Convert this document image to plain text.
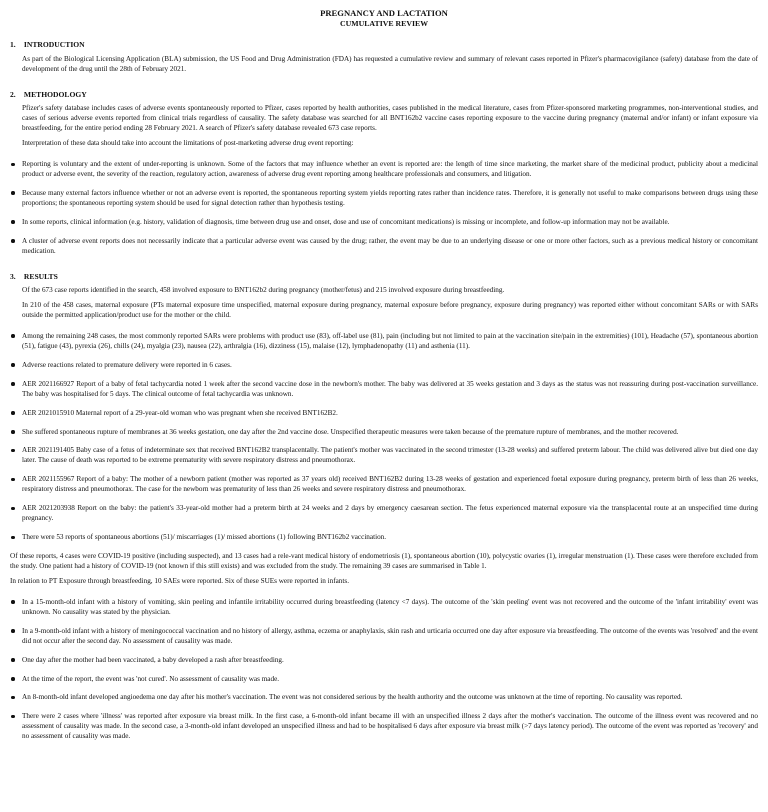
PREGNANCY AND LACTATION
CUMULATIVE REVIEW
1. INTRODUCTION

As part of the Biological Licensing Application (BLA) submission, the US Food and Drug Administration (FDA) has requested a cumulative review and summary of relevant cases reported in Pfizer's pharmacovigilance (safety) database from the date of development of the drug until the 28th of February 2021.

2. METHODOLOGY

Pfizer's safety database includes cases of adverse events spontaneously reported to Pfizer, cases reported by health authorities, cases published in the medical literature, cases from Pfizer-sponsored marketing programmes, non-interventional studies, and cases of serious adverse events reported from clinical trials regardless of causality. The safety database was searched for all BNT162b2 vaccine cases reporting exposure to the vaccine during pregnancy (maternal and/or infant) or infant exposure via breastfeeding, for the entire period ending 28 February 2021. A search of Pfizer's safety database revealed 673 case reports.

Interpretation of these data should take into account the limitations of post-marketing adverse drug event reporting:

Reporting is voluntary and the extent of under-reporting is unknown. Some of the factors that may influence whether an event is reported are: the length of time since marketing, the market share of the medicinal product, publicity about a medicinal product or adverse event, the severity of the reaction, regulatory action, awareness of adverse drug event reporting among healthcare professionals and consumers, and litigation.
Because many external factors influence whether or not an adverse event is reported, the spontaneous reporting system yields reporting rates rather than incidence rates. Therefore, it is generally not useful to make comparisons between drugs using these proportions; the spontaneous reporting system should be used for signal detection rather than hypothesis testing.
In some reports, clinical information (e.g. history, validation of diagnosis, time between drug use and onset, dose and use of concomitant medications) is missing or incomplete, and follow-up information may not be available.
A cluster of adverse event reports does not necessarily indicate that a particular adverse event was caused by the drug; rather, the event may be due to an underlying disease or one or more other factors, such as a previous medical history or concomitant medication.
3. RESULTS

Of the 673 case reports identified in the search, 458 involved exposure to BNT162b2 during pregnancy (mother/fetus) and 215 involved exposure during breastfeeding.

In 210 of the 458 cases, maternal exposure (PTs maternal exposure time unspecified, maternal exposure during pregnancy, maternal exposure before pregnancy, exposure during pregnancy) was reported either without concomitant SARs or with SARs outside the permitted application/product use for the mother or the child.

Among the remaining 248 cases, the most commonly reported SARs were problems with product use (83), off-label use (81), pain (including but not limited to pain at the vaccination site/pain in the extremities) (101), Headache (57), spontaneous abortion (51), fatigue (43), pyrexia (26), chills (24), myalgia (23), nausea (22), arthralgia (16), dizziness (15), malaise (12), lymphadenopathy (11) and asthenia (11).
Adverse reactions related to premature delivery were reported in 6 cases.
AER 2021166927 Report of a baby of fetal tachycardia noted 1 week after the second vaccine dose in the newborn's mother. The baby was delivered at 35 weeks gestation and 3 days as the status was not reassuring during post-vaccination surveillance. The baby was hospitalised for 5 days. The clinical outcome of fetal tachycardia was unknown.
AER 2021015910 Maternal report of a 29-year-old woman who was pregnant when she received BNT162B2.
She suffered spontaneous rupture of membranes at 36 weeks gestation, one day after the 2nd vaccine dose. Unspecified therapeutic measures were taken because of the premature rupture of membranes, and the mother recovered.
AER 2021191405 Baby case of a fetus of indeterminate sex that received BNT162B2 transplacentally. The patient's mother was vaccinated in the second trimester (13-28 weeks) and suffered preterm labour. The child was delivered alive but died one day later. The cause of death was reported to be extreme prematurity with severe respiratory distress and pneumothorax.
AER 2021155967 Report of a baby: The mother of a newborn patient (mother was reported as 37 years old) received BNT162B2 during 13-28 weeks of gestation and experienced foetal exposure during pregnancy, preterm birth of less than 26 weeks, respiratory distress and pneumothorax. The case for the newborn was prematurity of less than 26 weeks and severe respiratory distress and pneumothorax.
AER 2021203938 Report on the baby: the patient's 33-year-old mother had a preterm birth at 24 weeks and 2 days by emergency caesarean section. The fetus experienced maternal exposure via the transplacental route at an unspecified time during pregnancy.
There were 53 reports of spontaneous abortions (51)/ miscarriages (1)/ missed abortions (1) following BNT162b2 vaccination.

Of these reports, 4 cases were COVID-19 positive (including suspected), and 13 cases had a rele-vant medical history of endometriosis (1), spontaneous abortion (10), polycystic ovaries (1), irregular menstruation (1). These cases were therefore excluded from the study. One patient had a history of COVID-19 (not known if this still exists) and was excluded from the study. The remaining 39 cases are summarised in Table 1.

In relation to PT Exposure through breastfeeding, 10 SAEs were reported. Six of these SUEs were reported in infants.

In a 15-month-old infant with a history of vomiting, skin peeling and infantile irritability occurred during breastfeeding (latency <7 days). The outcome of the 'skin peeling' event was not recovered and the outcome of the 'infant irritability' event was unknown. No causality was stated by the physician.
In a 9-month-old infant with a history of meningococcal vaccination and no history of allergy, asthma, eczema or anaphylaxis, skin rash and urticaria occurred one day after exposure via breastfeeding. The outcome of the events was 'resolved' and the event did not occur after the second day. No assessment of causality was made.
One day after the mother had been vaccinated, a baby developed a rash after breastfeeding.
At the time of the report, the event was 'not cured'. No assessment of causality was made.
An 8-month-old infant developed angioedema one day after his mother's vaccination. The event was not considered serious by the health authority and the outcome was unknown at the time of reporting. No causality was reported.
There were 2 cases where 'illness' was reported after exposure via breast milk. In the first case, a 6-month-old infant became ill with an unspecified illness 2 days after the mother's vaccination. The outcome of the illness event was recovered and no assessment of causality was made. In the second case, a 3-month-old infant developed an unspecified illness and had to be hospitalised 6 days after exposure via breast milk (>7 days latency period). The outcome of the event was reported as 'recovery' and no assessment of causality was made.
